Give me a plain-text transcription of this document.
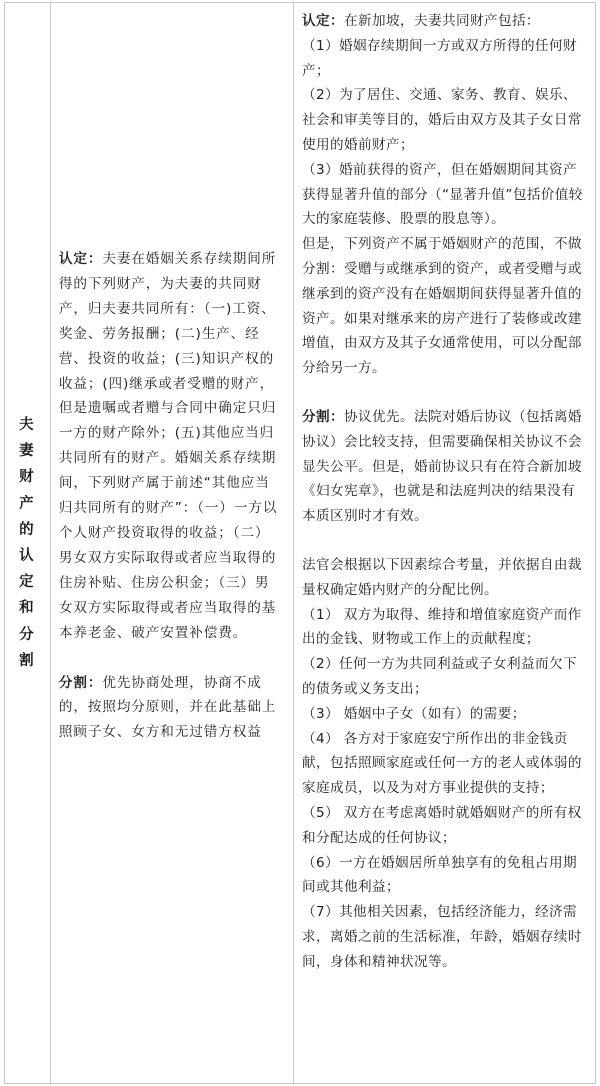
夫妻财产的认定和分割

认定：夫妻在婚姻关系存续期间所得的下列财产，为夫妻的共同财产，归夫妻共同所有：（一)工资、奖金、劳务报酬；(二)生产、经营、投资的收益；(三)知识产权的收益；(四)继承或者受赠的财产，但是遗嘱或者赠与合同中确定只归一方的财产除外；(五)其他应当归共同所有的财产。婚姻关系存续期间，下列财产属于前述“其他应当归共同所有的财产”：（一）一方以个人财产投资取得的收益；（二）男女双方实际取得或者应当取得的住房补贴、住房公积金；（三）男女双方实际取得或者应当取得的基本养老金、破产安置补偿费。

分割：优先协商处理，协商不成的，按照均分原则，并在此基础上照顾子女、女方和无过错方权益

认定：在新加坡，夫妻共同财产包括：

（1）婚姻存续期间一方或双方所得的任何财产；

（2）为了居住、交通、家务、教育、娱乐、社会和审美等目的，婚后由双方及其子女日常使用的婚前财产；

（3）婚前获得的资产，但在婚姻期间其资产获得显著升值的部分（“显著升值”包括价值较大的家庭装修、股票的股息等）。

但是，下列资产不属于婚姻财产的范围，不做分割：受赠与或继承到的资产，或者受赠与或继承到的资产没有在婚姻期间获得显著升值的资产。如果对继承来的房产进行了装修或改建增值，由双方及其子女通常使用，可以分配部分给另一方。

分割：协议优先。法院对婚后协议（包括离婚协议）会比较支持，但需要确保相关协议不会显失公平。但是，婚前协议只有在符合新加坡《妇女宪章》，也就是和法庭判决的结果没有本质区别时才有效。

法官会根据以下因素综合考量，并依据自由裁量权确定婚内财产的分配比例。

（1） 双方为取得、维持和增值家庭资产而作出的金钱、财物或工作上的贡献程度；

（2）任何一方为共同利益或子女利益而欠下的债务或义务支出；

（3） 婚姻中子女（如有）的需要；

（4） 各方对于家庭安宁所作出的非金钱贡献，包括照顾家庭或任何一方的老人或体弱的家庭成员，以及为对方事业提供的支持；

（5） 双方在考虑离婚时就婚姻财产的所有权和分配达成的任何协议；

（6）一方在婚姻居所单独享有的免租占用期间或其他利益；

（7）其他相关因素，包括经济能力，经济需求，离婚之前的生活标准，年龄，婚姻存续时间，身体和精神状况等。
